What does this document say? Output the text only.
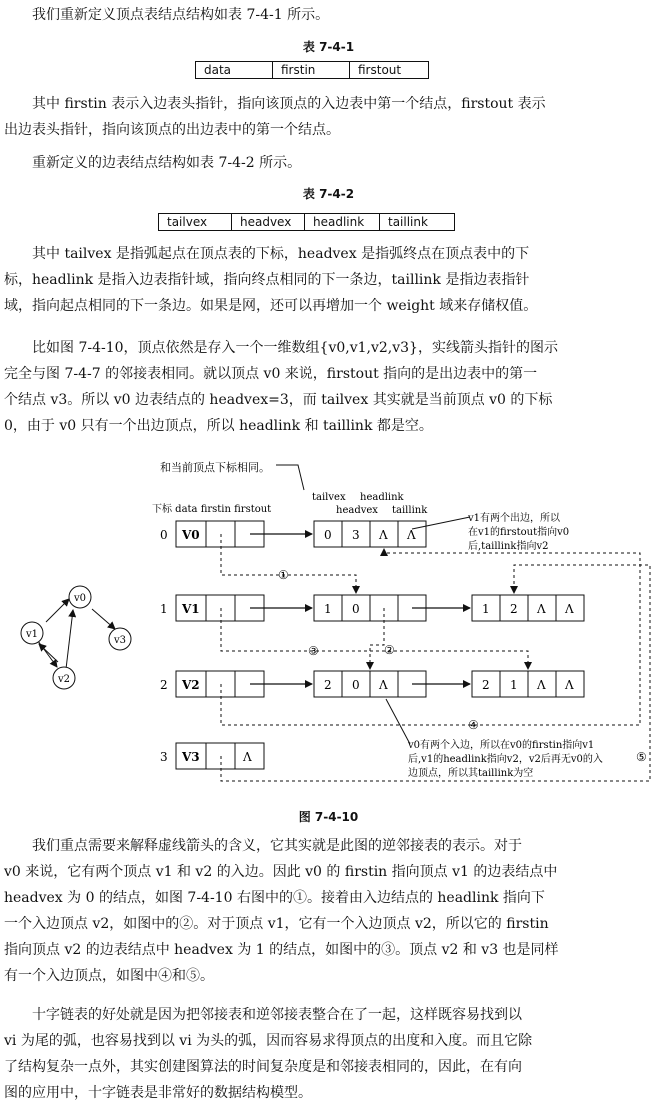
我们重新定义顶点表结点结构如表 7-4-1 所示。
表 7-4-1
data	firstin	firstout
其中 firstin 表示入边表头指针，指向该顶点的入边表中第一个结点，firstout 表示
出边表头指针，指向该顶点的出边表中的第一个结点。
重新定义的边表结点结构如表 7-4-2 所示。
表 7-4-2
tailvex	headvex	headlink	taillink
其中 tailvex 是指弧起点在顶点表的下标，headvex 是指弧终点在顶点表中的下
标，headlink 是指入边表指针域，指向终点相同的下一条边，taillink 是指边表指针
域，指向起点相同的下一条边。如果是网，还可以再增加一个 weight 域来存储权值。
比如图 7-4-10，顶点依然是存入一个一维数组{v0,v1,v2,v3}，实线箭头指针的图示
完全与图 7-4-7 的邻接表相同。就以顶点 v0 来说，firstout 指向的是出边表中的第一
个结点 v3。所以 v0 边表结点的 headvex=3，而 tailvex 其实就是当前顶点 v0 的下标
0，由于 v0 只有一个出边顶点，所以 headlink 和 taillink 都是空。
和当前顶点下标相同。
下标 data firstin firstout
tailvex headlink
headvex taillink
0 V0
1 V1
2 V2
3 V3	Λ
0 3 Λ Λ
1 0	1 2 Λ Λ
2 0 Λ	2 1 Λ Λ
①
②
③
④
⑤
v1有两个出边，所以
在v1的firstout指向v0
后,taillink指向v2
v0有两个入边，所以在v0的firstin指向v1
后,v1的headlink指向v2，v2后再无v0的入
边顶点，所以其taillink为空
v0
v1
v2
v3
图 7-4-10
我们重点需要来解释虚线箭头的含义，它其实就是此图的逆邻接表的表示。对于
v0 来说，它有两个顶点 v1 和 v2 的入边。因此 v0 的 firstin 指向顶点 v1 的边表结点中
headvex 为 0 的结点，如图 7-4-10 右图中的①。接着由入边结点的 headlink 指向下
一个入边顶点 v2，如图中的②。对于顶点 v1，它有一个入边顶点 v2，所以它的 firstin
指向顶点 v2 的边表结点中 headvex 为 1 的结点，如图中的③。顶点 v2 和 v3 也是同样
有一个入边顶点，如图中④和⑤。
十字链表的好处就是因为把邻接表和逆邻接表整合在了一起，这样既容易找到以
vi 为尾的弧，也容易找到以 vi 为头的弧，因而容易求得顶点的出度和入度。而且它除
了结构复杂一点外，其实创建图算法的时间复杂度是和邻接表相同的，因此，在有向
图的应用中，十字链表是非常好的数据结构模型。
